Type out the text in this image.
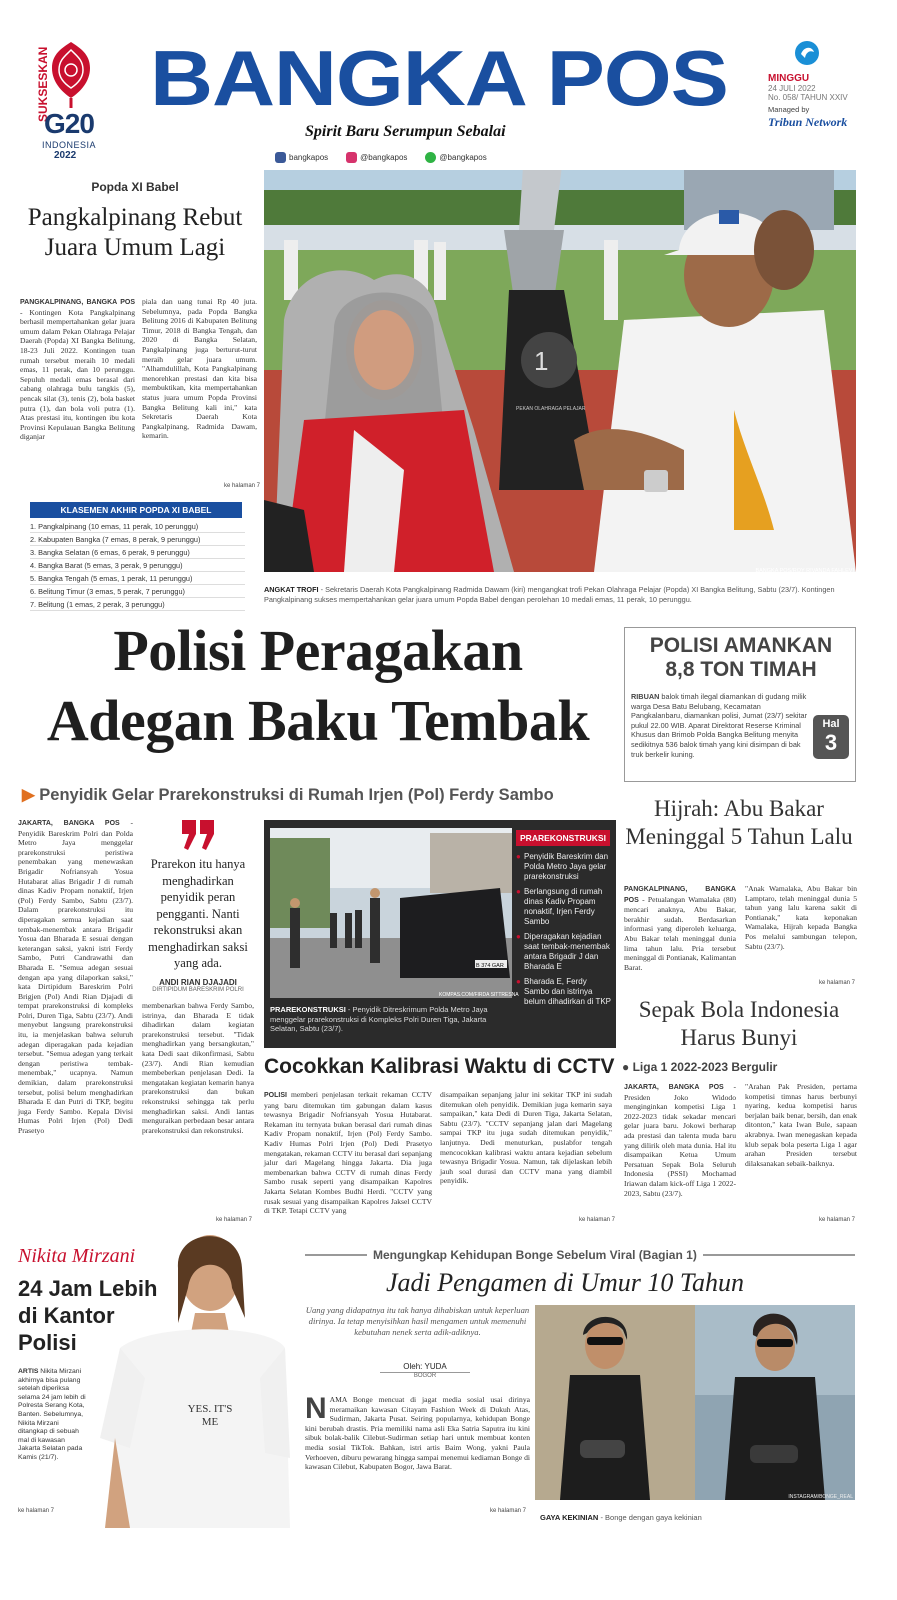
SUKSESKAN
G20
INDONESIA
2022
BANGKA POS
Spirit Baru Serumpun Sebalai
MINGGU
24 JULI 2022
No. 058/ TAHUN XXIV
Managed by
Tribun Network
1
PEKAN OLAHRAGA PELAJAR
BANGKA POS/ROY RIVANDA FAHLEVI
bangkapos	@bangkapos	@bangkapos
Popda XI Babel
Pangkalpinang Rebut Juara Umum Lagi
PANGKALPINANG, BANGKA POS - Kontingen Kota Pangkalpinang berhasil mempertahankan gelar juara umum dalam Pekan Olahraga Pelajar Daerah (Popda) XI Bangka Belitung, 18-23 Juli 2022. Kontingen tuan rumah tersebut meraih 10 medali emas, 11 perak, dan 10 perunggu. Sepuluh medali emas berasal dari cabang olahraga bulu tangkis (5), pencak silat (3), tenis (2), bola basket putra (1), dan bola voli putra (1). Atas prestasi itu, kontingen ibu kota Provinsi Kepulauan Bangka Belitung diganjar
piala dan uang tunai Rp 40 juta. Sebelumnya, pada Popda Bangka Belitung 2016 di Kabupaten Belitung Timur, 2018 di Bangka Tengah, dan 2020 di Bangka Selatan, Pangkalpinang juga berturut-turut meraih gelar juara umum. "Alhamdulillah, Kota Pangkalpinang menorehkan prestasi dan kita bisa membuktikan, kita mempertahankan status juara umum Popda Provinsi Bangka Belitung kali ini," kata Sekretaris Daerah Kota Pangkalpinang, Radmida Dawam, kemarin.
ke halaman 7
KLASEMEN AKHIR POPDA XI BABEL
1. Pangkalpinang (10 emas, 11 perak, 10 perunggu)
2. Kabupaten Bangka (7 emas, 8 perak, 9 perunggu)
3. Bangka Selatan (6 emas, 6 perak, 9 perunggu)
4. Bangka Barat (5 emas, 3 perak, 9 perunggu)
5. Bangka Tengah (5 emas, 1 perak, 11 perunggu)
6. Belitung Timur (3 emas, 5 perak, 7 perunggu)
7. Belitung (1 emas, 2 perak, 3 perunggu)
ANGKAT TROFI - Sekretaris Daerah Kota Pangkalpinang Radmida Dawam (kiri) mengangkat trofi Pekan Olahraga Pelajar (Popda) XI Bangka Belitung, Sabtu (23/7). Kontingen Pangkalpinang sukses mempertahankan gelar juara umum Popda Babel dengan perolehan 10 medali emas, 11 perak, 10 perunggu.
Polisi Peragakan
Adegan Baku Tembak
▶ Penyidik Gelar Prarekonstruksi di Rumah Irjen (Pol) Ferdy Sambo
JAKARTA, BANGKA POS - Penyidik Bareskrim Polri dan Polda Metro Jaya menggelar prarekonstruksi peristiwa penembakan yang menewaskan Brigadir Nofriansyah Yosua Hutabarat alias Brigadir J di rumah dinas Kadiv Propam nonaktif, Irjen (Pol) Ferdy Sambo, Sabtu (23/7). Dalam prarekonstruksi itu diperagakan semua kejadian saat tembak-menembak antara Brigadir Yosua dan Bharada E sesuai dengan keterangan saksi, yakni istri Ferdy Sambo, Putri Candrawathi dan Bharada E. "Semua adegan sesuai dengan apa yang dilaporkan saksi," kata Dirtipidum Bareskrim Polri Brigjen (Pol) Andi Rian Djajadi di tempat prarekonstruksi di kompleks Polri, Duren Tiga, Sabtu (23/7). Andi menyebut langsung prarekonstruksi itu, ia menjelaskan bahwa seluruh adegan diperagakan pada kejadian tersebut. "Semua adegan yang terkait dengan peristiwa tembak-menembak," ucapnya. Namun demikian, dalam prarekonstruksi tersebut, polisi belum menghadirkan Bharada E dan Putri di TKP, begitu juga Ferdy Sambo. Kepala Divisi Humas Polri Irjen (Pol) Dedi Prasetyo
Prarekon itu hanya menghadirkan penyidik peran pengganti. Nanti rekonstruksi akan menghadirkan saksi yang ada.
ANDI RIAN DJAJADI
DIRTIPIDUM BARESKRIM POLRI
membenarkan bahwa Ferdy Sambo, istrinya, dan Bharada E tidak dihadirkan dalam kegiatan prarekonstruksi tersebut. "Tidak menghadirkan yang bersangkutan," kata Dedi saat dikonfirmasi, Sabtu (23/7). Andi Rian kemudian membeberkan penjelasan Dedi. Ia mengatakan kegiatan kemarin hanya prarekonstruksi dan bukan rekonstruksi sehingga tak perlu menghadirkan saksi. Andi lantas menguraikan perbedaan besar antara prarekonstruksi dan rekonstruksi.
ke halaman 7
B 374 GAR
KOMPAS.COM/FIRDA SITTRESNA
PRAREKONSTRUKSI - Penyidik Ditreskrimum Polda Metro Jaya menggelar prarekonstruksi di Kompleks Polri Duren Tiga, Jakarta Selatan, Sabtu (23/7).
PRAREKONSTRUKSI
● Penyidik Bareskrim dan Polda Metro Jaya gelar prarekonstruksi
● Berlangsung di rumah dinas Kadiv Propam nonaktif, Irjen Ferdy Sambo
● Diperagakan kejadian saat tembak-menembak antara Brigadir J dan Bharada E
● Bharada E, Ferdy Sambo dan istrinya belum dihadirkan di TKP
Cocokkan Kalibrasi Waktu di CCTV
POLISI memberi penjelasan terkait rekaman CCTV yang baru ditemukan tim gabungan dalam kasus tewasnya Brigadir Nofriansyah Yosua Hutabarat. Rekaman itu ternyata bukan berasal dari rumah dinas Kadiv Propam nonaktif, Irjen (Pol) Ferdy Sambo. Kadiv Humas Polri Irjen (Pol) Dedi Prasetyo mengatakan, rekaman CCTV itu berasal dari sepanjang jalur dari Magelang hingga Jakarta. Dia juga membenarkan bahwa CCTV di rumah dinas Ferdy Sambo rusak seperti yang disampaikan Kapolres Jakarta Selatan Kombes Budhi Herdi. "CCTV yang rusak sesuai yang disampaikan Kapolres Jaksel CCTV di TKP. Tetapi CCTV yang
disampaikan sepanjang jalur ini sekitar TKP ini sudah ditemukan oleh penyidik. Demikian juga kemarin saya sampaikan," kata Dedi di Duren Tiga, Jakarta Selatan, Sabtu (23/7). "CCTV sepanjang jalan dari Magelang sampai TKP itu juga sudah ditemukan penyidik," lanjutnya. Dedi menuturkan, puslabfor tengah mencocokkan kalibrasi waktu antara kejadian sebelum tewasnya Brigadir Yosua. Namun, tak dijelaskan lebih jauh soal durasi dan CCTV mana yang diambil penyidik.
ke halaman 7
POLISI AMANKAN
8,8 TON TIMAH
RIBUAN balok timah ilegal diamankan di gudang milik warga Desa Batu Belubang, Kecamatan Pangkalanbaru, diamankan polisi, Jumat (23/7) sekitar pukul 22.00 WIB. Aparat Direktorat Reserse Kriminal Khusus dan Brimob Polda Bangka Belitung menyita sedikitnya 536 balok timah yang kini disimpan di bak truk berkelir kuning.
Hal
3
Hijrah: Abu Bakar Meninggal 5 Tahun Lalu
PANGKALPINANG, BANGKA POS - Petualangan Wamalaka (80) mencari anaknya, Abu Bakar, berakhir sudah. Berdasarkan informasi yang diperoleh keluarga, Abu Bakar telah meninggal dunia lima tahun lalu. Pria tersebut meninggal di Pontianak, Kalimantan Barat.
"Anak Wamalaka, Abu Bakar bin Lamptaro, telah meninggal dunia 5 tahun yang lalu karena sakit di Pontianak," kata keponakan Wamalaka, Hijrah kepada Bangka Pos melalui sambungan telepon, Sabtu (23/7).
ke halaman 7
Sepak Bola Indonesia Harus Bunyi
● Liga 1 2022-2023 Bergulir
JAKARTA, BANGKA POS - Presiden Joko Widodo menginginkan kompetisi Liga 1 2022-2023 tidak sekadar mencari gelar juara baru. Jokowi berharap ada prestasi dan talenta muda baru yang dilirik oleh mata dunia. Hal itu disampaikan Ketua Umum Persatuan Sepak Bola Seluruh Indonesia (PSSI) Mochamad Iriawan dalam kick-off Liga 1 2022-2023, Sabtu (23/7).
"Arahan Pak Presiden, pertama kompetisi timnas harus berbunyi nyaring, kedua kompetisi harus berjalan baik benar, bersih, dan enak ditonton," kata Iwan Bule, sapaan akrabnya. Iwan menegaskan kepada klub sepak bola peserta Liga 1 agar arahan Presiden tersebut dilaksanakan sebaik-baiknya.
ke halaman 7
YES. IT'S ME
Nikita Mirzani
24 Jam Lebih di Kantor Polisi
ARTIS Nikita Mirzani akhirnya bisa pulang setelah diperiksa selama 24 jam lebih di Polresta Serang Kota, Banten. Sebelumnya, Nikita Mirzani ditangkap di sebuah mal di kawasan Jakarta Selatan pada Kamis (21/7).
ke halaman 7
Mengungkap Kehidupan Bonge Sebelum Viral (Bagian 1)
Jadi Pengamen di Umur 10 Tahun
Uang yang didapatnya itu tak hanya dihabiskan untuk keperluan dirinya. Ia tetap menyisihkan hasil mengamen untuk memenuhi kebutuhan nenek serta adik-adiknya.
Oleh: YUDA
BOGOR
NAMA Bonge mencuat di jagat media sosial usai dirinya meramaikan kawasan Citayam Fashion Week di Dukuh Atas, Sudirman, Jakarta Pusat. Seiring popularnya, kehidupan Bonge kini berubah drastis. Pria memiliki nama asli Eka Satria Saputra itu kini sibuk bolak-balik Cilebut-Sudirman setiap hari untuk membuat konten media sosial TikTok. Bahkan, istri artis Baim Wong, yakni Paula Verhoeven, diburu pewarang hingga sampai menemui kediaman Bonge di kawasan Cilebut, Kabupaten Bogor, Jawa Barat.
ke halaman 7
INSTAGRAM/BONGE_REAL
GAYA KEKINIAN - Bonge dengan gaya kekinian
